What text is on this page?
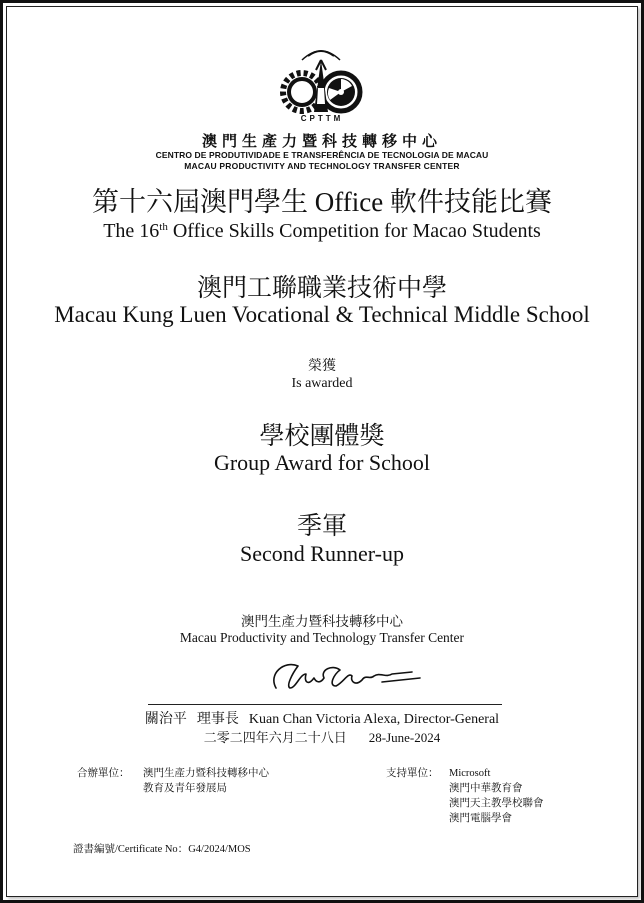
CPTTM
澳門生產力暨科技轉移中心
CENTRO DE PRODUTIVIDADE E TRANSFERÊNCIA DE TECNOLOGIA DE MACAU
MACAU PRODUCTIVITY AND TECHNOLOGY TRANSFER CENTER
第十六屆澳門學生 Office 軟件技能比賽
The 16th Office Skills Competition for Macao Students
澳門工聯職業技術中學
Macau Kung Luen Vocational & Technical Middle School
榮獲
Is awarded
學校團體獎
Group Award for School
季軍
Second Runner-up
澳門生產力暨科技轉移中心
Macau Productivity and Technology Transfer Center
關治平 理事長 Kuan Chan Victoria Alexa, Director-General
二零二四年六月二十八日 28-June-2024
合辦單位： 澳門生產力暨科技轉移中心
教育及青年發展局
支持單位： Microsoft
澳門中華教育會
澳門天主教學校聯會
澳門電腦學會
證書編號/Certificate No：G4/2024/MOS
